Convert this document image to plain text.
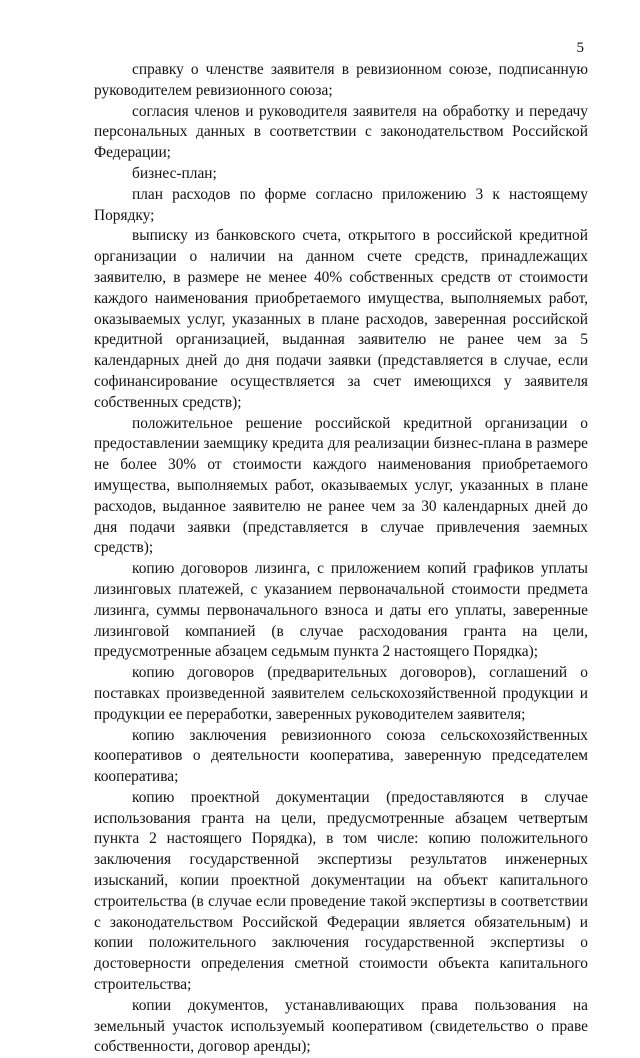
5

справку о членстве заявителя в ревизионном союзе, подписанную руководителем ревизионного союза;

согласия членов и руководителя заявителя на обработку и передачу персональных данных в соответствии с законодательством Российской Федерации;

бизнес-план;

план расходов по форме согласно приложению 3 к настоящему Порядку;

выписку из банковского счета, открытого в российской кредитной организации о наличии на данном счете средств, принадлежащих заявителю, в размере не менее 40% собственных средств от стоимости каждого наименования приобретаемого имущества, выполняемых работ, оказываемых услуг, указанных в плане расходов, заверенная российской кредитной организацией, выданная заявителю не ранее чем за 5 календарных дней до дня подачи заявки (представляется в случае, если софинансирование осуществляется за счет имеющихся у заявителя собственных средств);

положительное решение российской кредитной организации о предоставлении заемщику кредита для реализации бизнес-плана в размере не более 30% от стоимости каждого наименования приобретаемого имущества, выполняемых работ, оказываемых услуг, указанных в плане расходов, выданное заявителю не ранее чем за 30 календарных дней до дня подачи заявки (представляется в случае привлечения заемных средств);

копию договоров лизинга, с приложением копий графиков уплаты лизинговых платежей, с указанием первоначальной стоимости предмета лизинга, суммы первоначального взноса и даты его уплаты, заверенные лизинговой компанией (в случае расходования гранта на цели, предусмотренные абзацем седьмым пункта 2 настоящего Порядка);

копию договоров (предварительных договоров), соглашений о поставках произведенной заявителем сельскохозяйственной продукции и продукции ее переработки, заверенных руководителем заявителя;

копию заключения ревизионного союза сельскохозяйственных кооперативов о деятельности кооператива, заверенную председателем кооператива;

копию проектной документации (предоставляются в случае использования гранта на цели, предусмотренные абзацем четвертым пункта 2 настоящего Порядка), в том числе: копию положительного заключения государственной экспертизы результатов инженерных изысканий, копии проектной документации на объект капитального строительства (в случае если проведение такой экспертизы в соответствии с законодательством Российской Федерации является обязательным) и копии положительного заключения государственной экспертизы о достоверности определения сметной стоимости объекта капитального строительства;

копии документов, устанавливающих права пользования на земельный участок используемый кооперативом (свидетельство о праве собственности, договор аренды);
